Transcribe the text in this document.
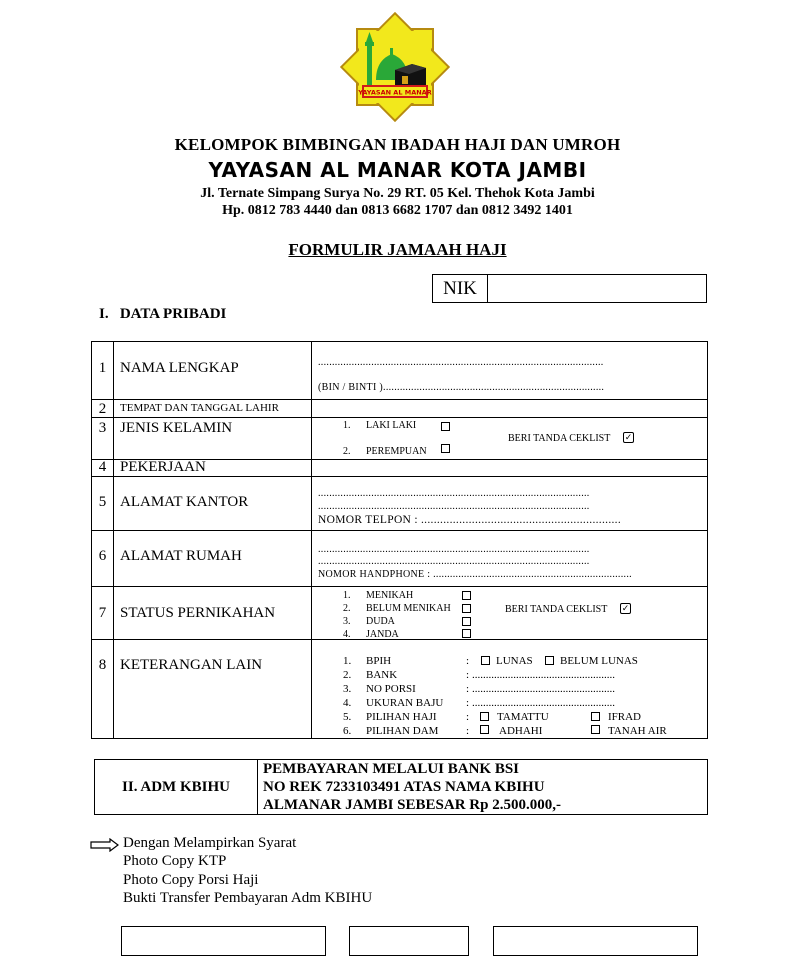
YAYASAN AL MANAR
KELOMPOK BIMBINGAN IBADAH HAJI DAN UMROH
YAYASAN AL MANAR KOTA JAMBI
Jl. Ternate Simpang Surya No. 29 RT. 05 Kel. Thehok Kota Jambi
Hp. 0812 783 4440 dan 0813 6682 1707 dan 0812 3492 1401
FORMULIR JAMAAH HAJI
NIK
I. DATA PRIBADI
1 NAMA LENGKAP	......................................................................................................
(BIN / BINTI )...............................................................................
2	TEMPAT DAN TANGGAL LAHIR
3 JENIS KELAMIN	1. LAKI LAKI
2. PEREMPUAN
BERI TANDA CEKLIST ✓
4 PEKERJAAN
5 ALAMAT KANTOR
.................................................................................................
.................................................................................................
NOMOR TELPON : ...............................................................
6 ALAMAT RUMAH	.................................................................................................
.................................................................................................
NOMOR HANDPHONE : .......................................................................
7 STATUS PERNIKAHAN
1. MENIKAH
2. BELUM MENIKAH
3. DUDA
4. JANDA
BERI TANDA CEKLIST ✓
8 KETERANGAN LAIN	1. BPIH	: LUNAS BELUM LUNAS
2. BANK	: ....................................................
3. NO PORSI	: ....................................................
4. UKURAN BAJU : ....................................................
5. PILIHAN HAJI	:	TAMATTU	IFRAD
6. PILIHAN DAM	:	ADHAHI	TANAH AIR
II. ADM KBIHU
PEMBAYARAN MELALUI BANK BSI
NO REK 7233103491 ATAS NAMA KBIHU
ALMANAR JAMBI SEBESAR Rp 2.500.000,-
Dengan Melampirkan Syarat
Photo Copy KTP
Photo Copy Porsi Haji
Bukti Transfer Pembayaran Adm KBIHU
